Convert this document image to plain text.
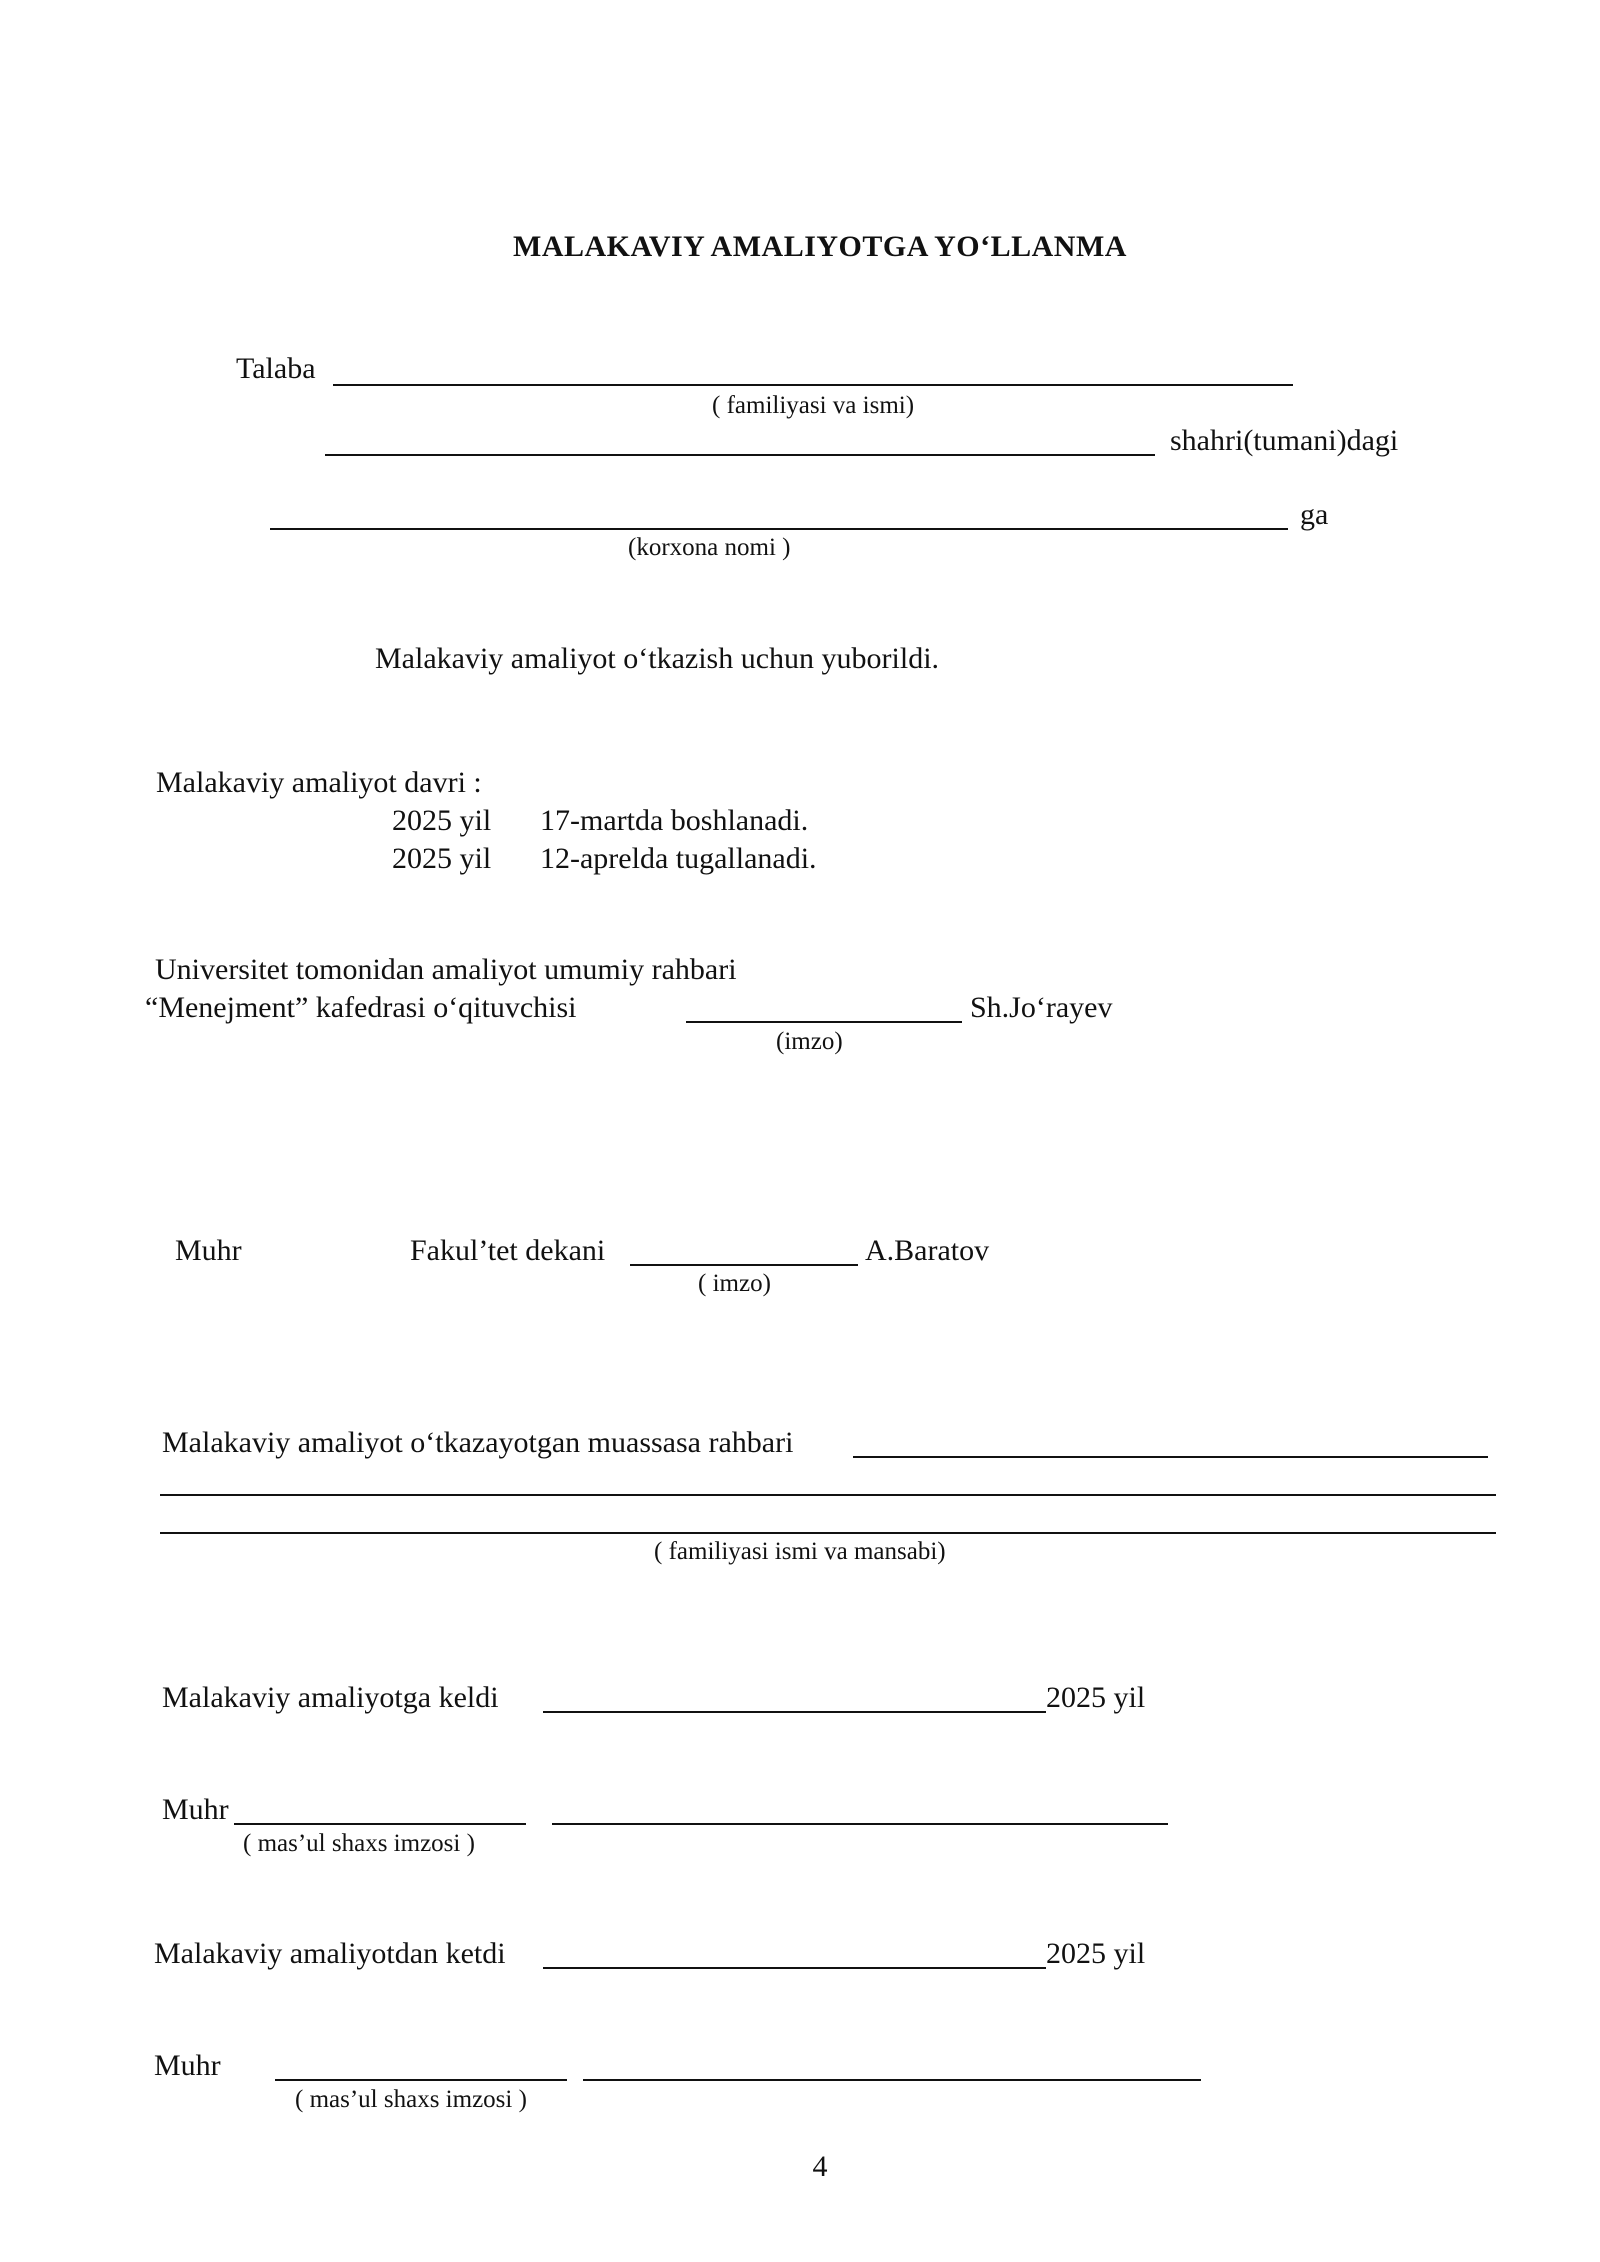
MALAKAVIY AMALIYOTGA YO‘LLANMA
Talaba
( familiyasi va ismi)
shahri(tumani)dagi
ga
(korxona nomi )
Malakaviy amaliyot o‘tkazish uchun yuborildi.
Malakaviy amaliyot davri :
2025 yil 17-martda boshlanadi.
2025 yil 12-aprelda tugallanadi.
Universitet tomonidan amaliyot umumiy rahbari
“Menejment” kafedrasi o‘qituvchisi	Sh.Jo‘rayev
(imzo)
Muhr	Fakul’tet dekani	A.Baratov
( imzo)
Malakaviy amaliyot o‘tkazayotgan muassasa rahbari
( familiyasi ismi va mansabi)
Malakaviy amaliyotga keldi	2025 yil
Muhr
( mas’ul shaxs imzosi )
Malakaviy amaliyotdan ketdi	2025 yil
Muhr
( mas’ul shaxs imzosi )
4
